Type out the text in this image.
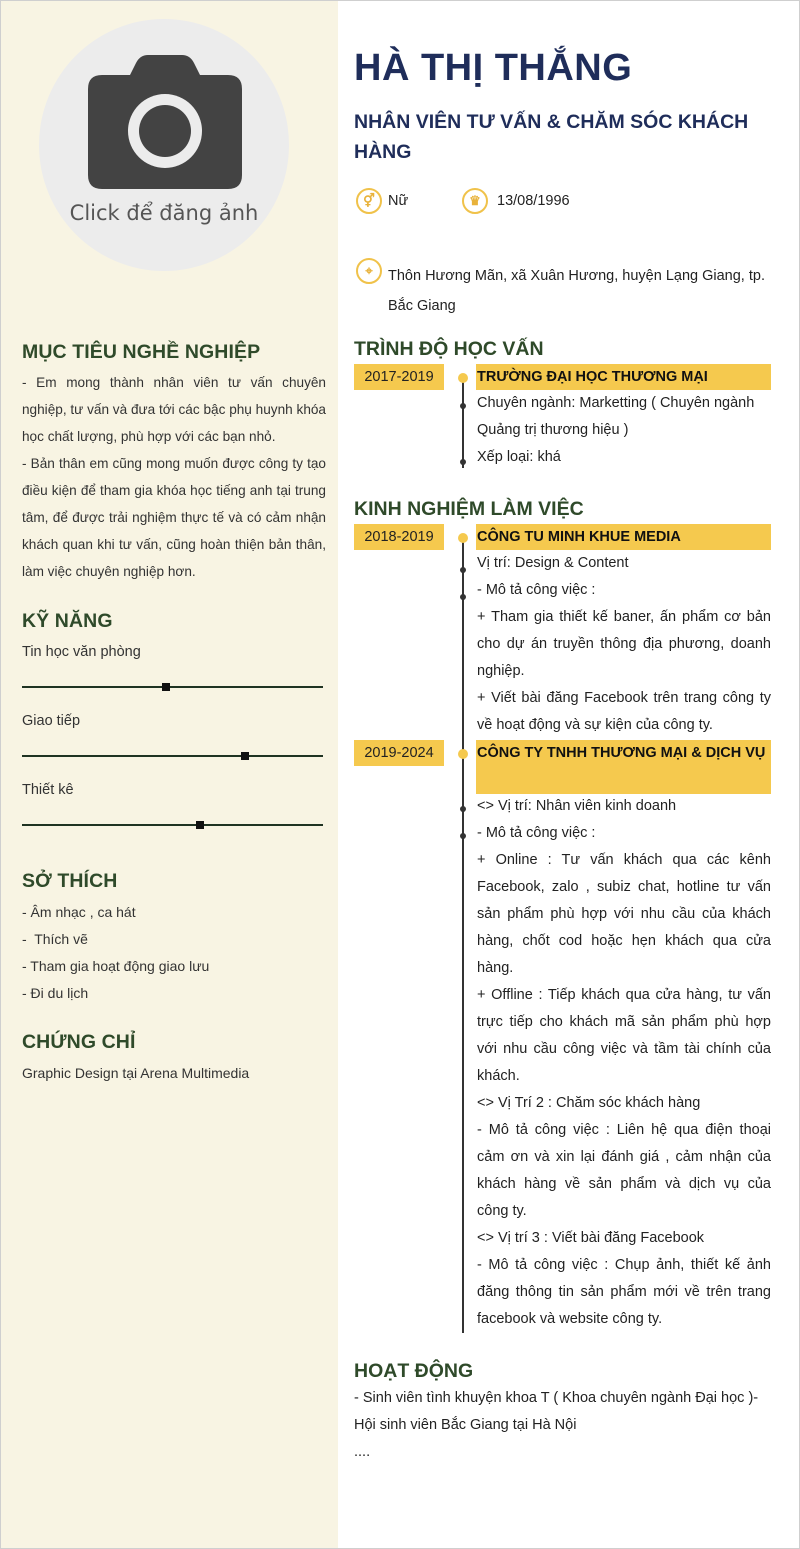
Click để đăng ảnh
MỤC TIÊU NGHỀ NGHIỆP
- Em mong thành nhân viên tư vấn chuyên nghiệp, tư vấn và đưa tới các bậc phụ huynh khóa học chất lượng, phù hợp với các bạn nhỏ.
- Bản thân em cũng mong muốn được công ty tạo điều kiện để tham gia khóa học tiếng anh tại trung tâm, để được trải nghiệm thực tế và có cảm nhận khách quan khi tư vấn, cũng hoàn thiện bản thân, làm việc chuyên nghiệp hơn.
KỸ NĂNG
Tin học văn phòng
Giao tiếp
Thiết kê
SỞ THÍCH
- Âm nhạc , ca hát
-  Thích vẽ
- Tham gia hoạt động giao lưu
- Đi du lịch
CHỨNG CHỈ
Graphic Design tại Arena Multimedia
HÀ THỊ THẮNG
NHÂN VIÊN TƯ VẤN & CHĂM SÓC KHÁCH HÀNG
⚥ Nữ	♛	13/08/1996
⌖	Thôn Hương Mãn, xã Xuân Hương, huyện Lạng Giang, tp. Bắc Giang
TRÌNH ĐỘ HỌC VẤN
2017-2019	TRƯỜNG ĐẠI HỌC THƯƠNG MẠI
Chuyên ngành: Marketting ( Chuyên ngành Quảng trị thương hiệu )
Xếp loại: khá
KINH NGHIỆM LÀM VIỆC
2018-2019	CÔNG TU MINH KHUE MEDIA
Vị trí: Design & Content
- Mô tả công việc :
+ Tham gia thiết kế baner, ấn phẩm cơ bản cho dự án truyền thông địa phương, doanh nghiệp.
+ Viết bài đăng Facebook trên trang công ty về hoạt động và sự kiện của công ty.
2019-2024	CÔNG TY TNHH THƯƠNG MẠI & DỊCH VỤ
<> Vị trí: Nhân viên kinh doanh
- Mô tả công việc :
+ Online : Tư vấn khách qua các kênh Facebook, zalo , subiz chat, hotline tư vấn sản phẩm phù hợp với nhu cầu của khách hàng, chốt cod hoặc hẹn khách qua cửa hàng.
+ Offline : Tiếp khách qua cửa hàng, tư vấn trực tiếp cho khách mã sản phẩm phù hợp với nhu cầu công việc và tầm tài chính của khách.
<> Vị Trí 2 : Chăm sóc khách hàng
- Mô tả công việc : Liên hệ qua điện thoại cảm ơn và xin lại đánh giá , cảm nhận của khách hàng về sản phẩm và dịch vụ của công ty.
<> Vị trí 3 : Viết bài đăng Facebook
- Mô tả công việc : Chụp ảnh, thiết kế ảnh đăng thông tin sản phẩm mới về trên trang facebook và website công ty.
HOẠT ĐỘNG
- Sinh viên tình khuyện khoa T ( Khoa chuyên ngành Đại học )- Hội sinh viên Bắc Giang tại Hà Nội
....
